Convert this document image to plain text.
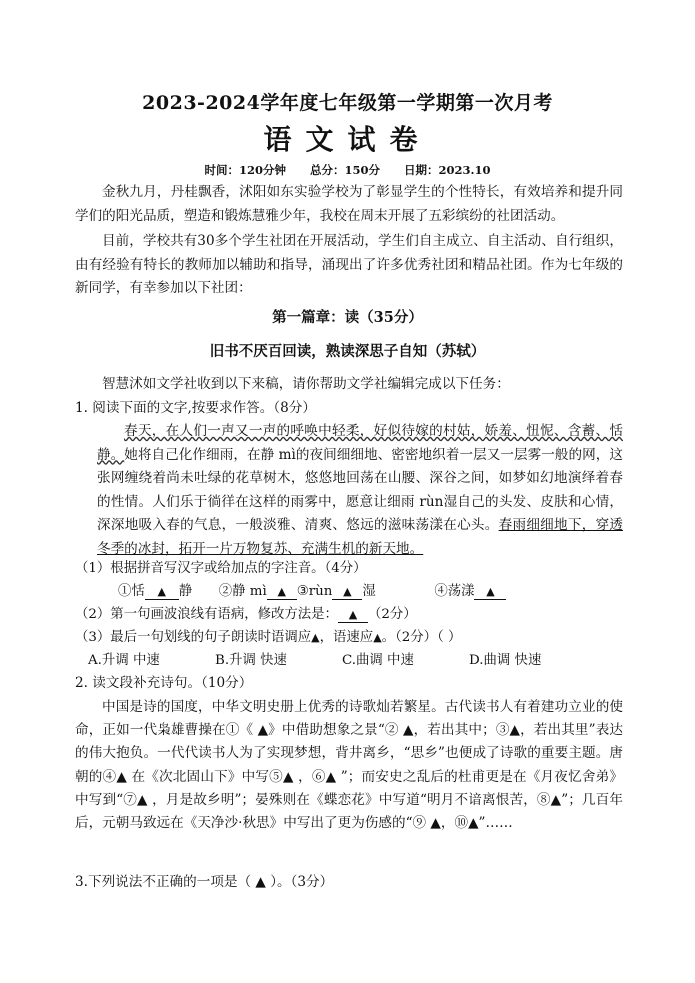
2023-2024学年度七年级第一学期第一次月考
语文试卷
时间：120分钟 总分：150分 日期：2023.10
金秋九月，丹桂飘香，沭阳如东实验学校为了彰显学生的个性特长，有效培养和提升同学们的阳光品质，塑造和锻炼慧雅少年，我校在周末开展了五彩缤纷的社团活动。
目前，学校共有30多个学生社团在开展活动，学生们自主成立、自主活动、自行组织，由有经验有特长的教师加以辅助和指导，涌现出了许多优秀社团和精品社团。作为七年级的新同学，有幸参加以下社团：
第一篇章：读（35分）
旧书不厌百回读，熟读深思子自知（苏轼）
智慧沭如文学社收到以下来稿，请你帮助文学社编辑完成以下任务：
1. 阅读下面的文字,按要求作答。（8分）
春天，在人们一声又一声的呼唤中轻柔，好似待嫁的村姑，娇羞、忸怩、含蓄、恬静。她将自己化作细雨，在静 mì的夜间细细地、密密地织着一层又一层雾一般的网，这张网缠绕着尚未吐绿的花草树木，悠悠地回荡在山腰、深谷之间，如梦如幻地演绎着春的性情。人们乐于徜徉在这样的雨雾中，愿意让细雨 rùn湿自己的头发、皮肤和心情，深深地吸入春的气息，一般淡雅、清爽、悠远的滋味荡漾在心头。春雨细细地下，穿透冬季的冰封，拓开一片万物复苏、充满生机的新天地。
（1）根据拼音写汉字或给加点的字注音。（4分）
①恬 ▲ 静 ②静 mì ▲ ③rùn ▲ 湿	④荡漾 ▲
（2）第一句画波浪线有语病，修改方法是： ▲ （2分）
（3）最后一句划线的句子朗读时语调应▲，语速应▲。（2分）（ ）
A.升调 中速	B.升调 快速	C.曲调 中速	D.曲调 快速
2. 读文段补充诗句。（10分）
中国是诗的国度，中华文明史册上优秀的诗歌灿若繁星。古代读书人有着建功立业的使命，正如一代枭雄曹操在①《 ▲》中借助想象之景“② ▲，若出其中；③▲，若出其里”表达的伟大抱负。一代代读书人为了实现梦想，背井离乡，“思乡”也便成了诗歌的重要主题。唐朝的④▲ 在《次北固山下》中写⑤▲ ，⑥▲ ”；而安史之乱后的杜甫更是在《月夜忆舍弟》中写到“⑦▲ ，月是故乡明”；晏殊则在《蝶恋花》中写道“明月不谙离恨苦，⑧▲”；几百年后，元朝马致远在《天净沙·秋思》中写出了更为伤感的“⑨ ▲，⑩▲”……
3.下列说法不正确的一项是（ ▲ ）。（3分）
